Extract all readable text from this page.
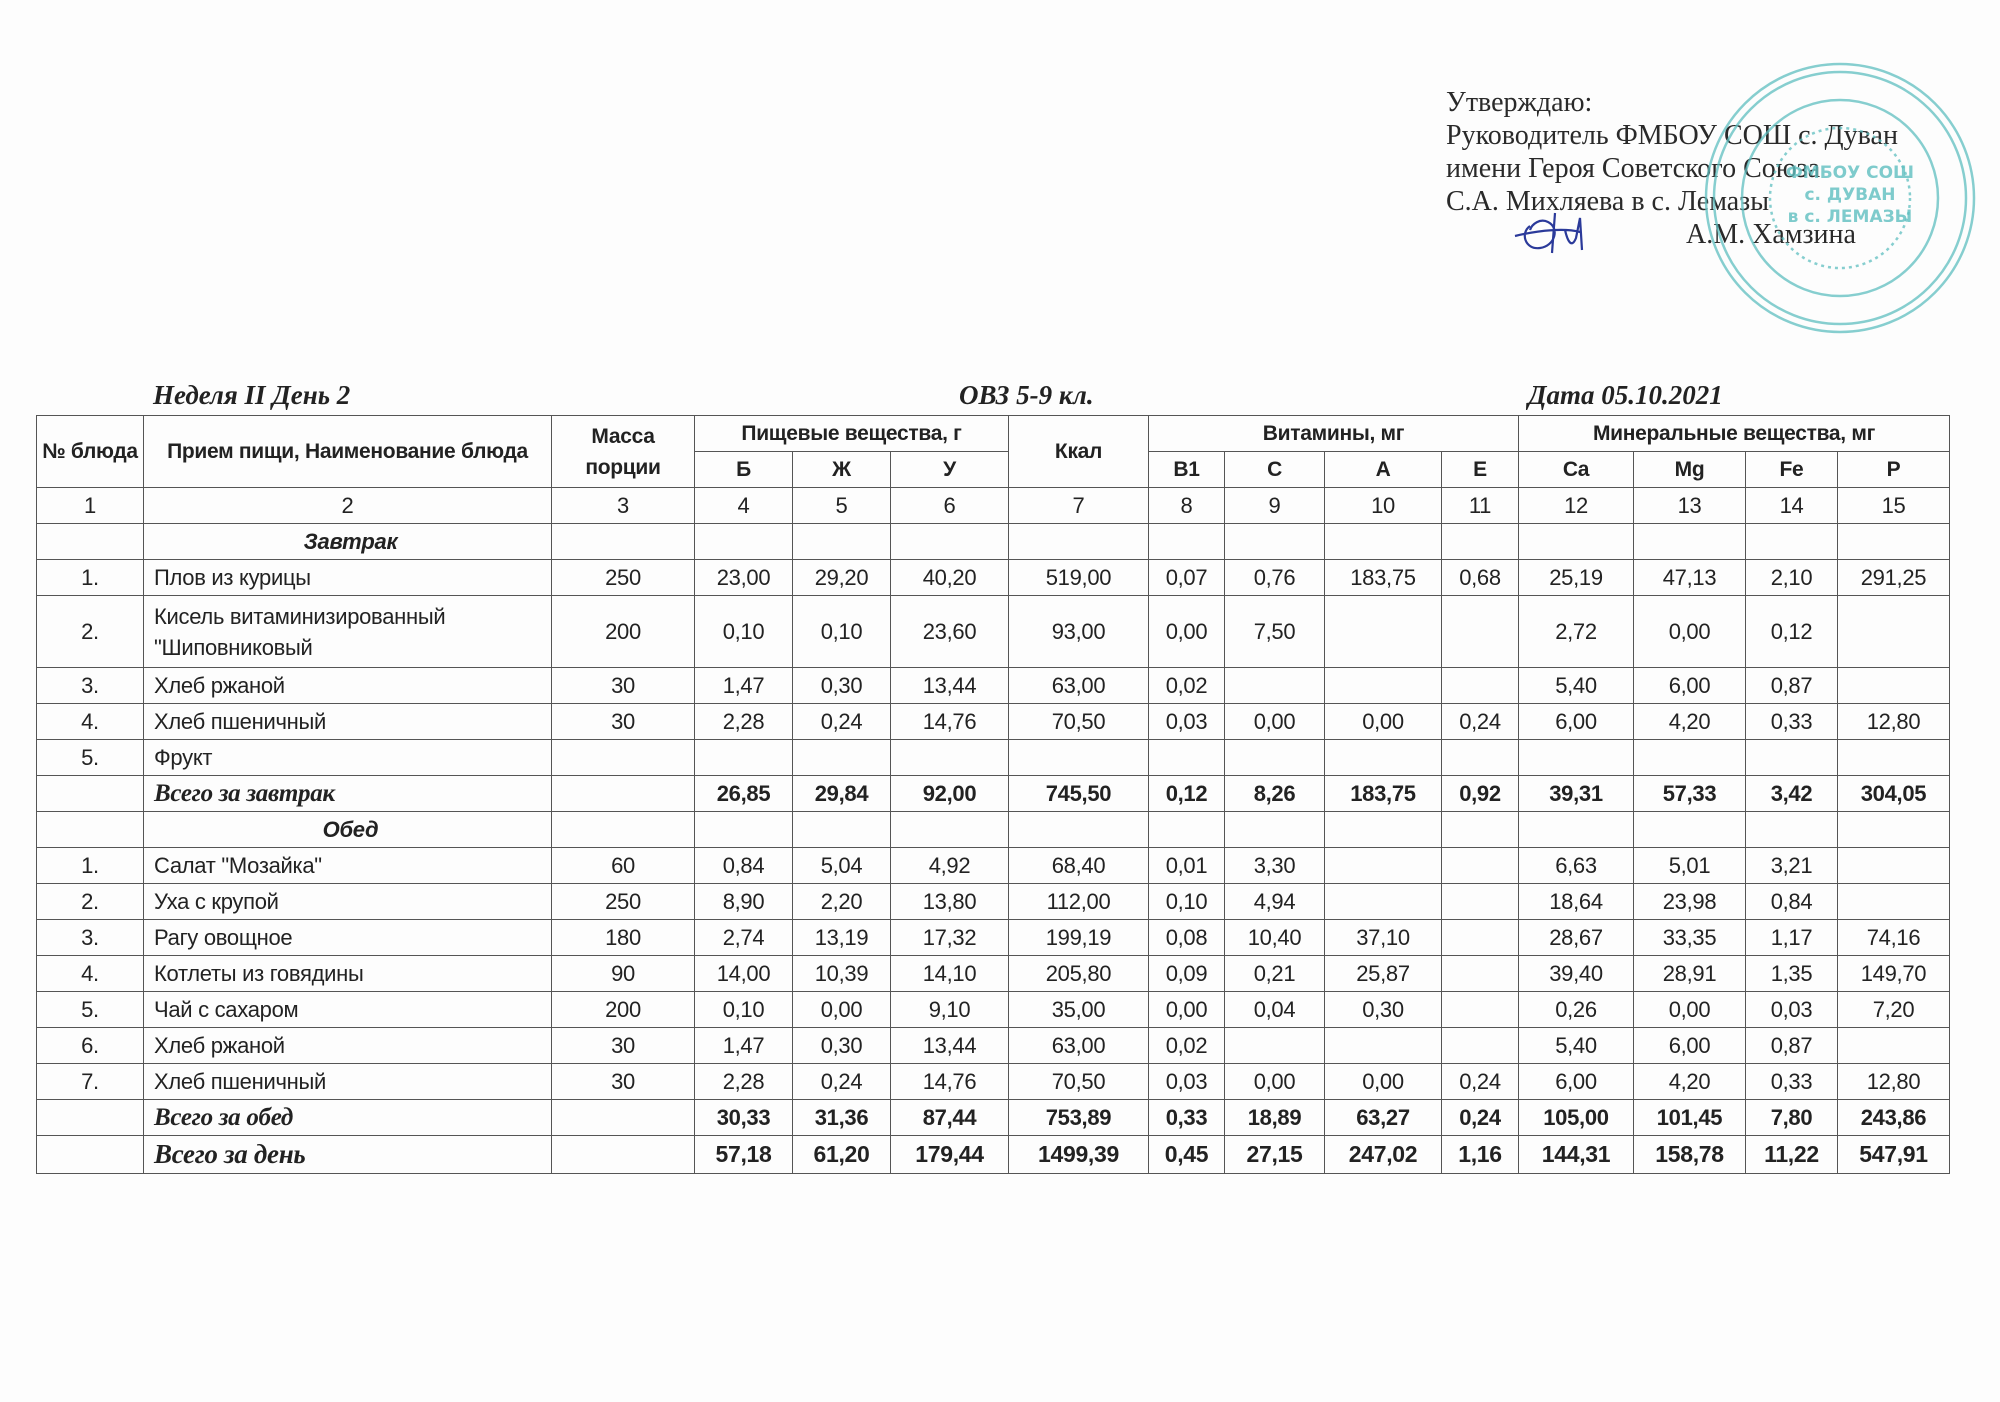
Утверждаю:
Руководитель ФМБОУ СОШ с. Дуван
имени Героя Советского Союза
С.А. Михляева в с. Лемазы
А.М. Хамзина
ФМБОУ СОШ
с. ДУВАН
в с. ЛЕМАЗЫ
Неделя II День 2	ОВЗ 5-9 кл.	Дата 05.10.2021
№ блюда	Прием пищи, Наименование блюда	Масса порции	Пищевые вещества, г			Ккал	Витамины, мг				Минеральные вещества, мг			
			Б	Ж	У		В1	С	А	Е	Ca	Mg	Fe	P
1	2	3	4	5	6	7	8	9	10	11	12	13	14	15
	Завтрак													
1.	Плов из курицы	250	23,00	29,20	40,20	519,00	0,07	0,76	183,75	0,68	25,19	47,13	2,10	291,25
2.	Кисель витаминизированный "Шиповниковый	200	0,10	0,10	23,60	93,00	0,00	7,50			2,72	0,00	0,12	
3.	Хлеб ржаной	30	1,47	0,30	13,44	63,00	0,02				5,40	6,00	0,87	
4.	Хлеб пшеничный	30	2,28	0,24	14,76	70,50	0,03	0,00	0,00	0,24	6,00	4,20	0,33	12,80
5.	Фрукт													
	Всего за завтрак		26,85	29,84	92,00	745,50	0,12	8,26	183,75	0,92	39,31	57,33	3,42	304,05
	Обед													
1.	Салат "Мозайка"	60	0,84	5,04	4,92	68,40	0,01	3,30			6,63	5,01	3,21	
2.	Уха с крупой	250	8,90	2,20	13,80	112,00	0,10	4,94			18,64	23,98	0,84	
3.	Рагу овощное	180	2,74	13,19	17,32	199,19	0,08	10,40	37,10		28,67	33,35	1,17	74,16
4.	Котлеты из говядины	90	14,00	10,39	14,10	205,80	0,09	0,21	25,87		39,40	28,91	1,35	149,70
5.	Чай с сахаром	200	0,10	0,00	9,10	35,00	0,00	0,04	0,30		0,26	0,00	0,03	7,20
6.	Хлеб ржаной	30	1,47	0,30	13,44	63,00	0,02				5,40	6,00	0,87	
7.	Хлеб пшеничный	30	2,28	0,24	14,76	70,50	0,03	0,00	0,00	0,24	6,00	4,20	0,33	12,80
	Всего за обед		30,33	31,36	87,44	753,89	0,33	18,89	63,27	0,24	105,00	101,45	7,80	243,86
	Всего за день		57,18	61,20	179,44	1499,39	0,45	27,15	247,02	1,16	144,31	158,78	11,22	547,91
